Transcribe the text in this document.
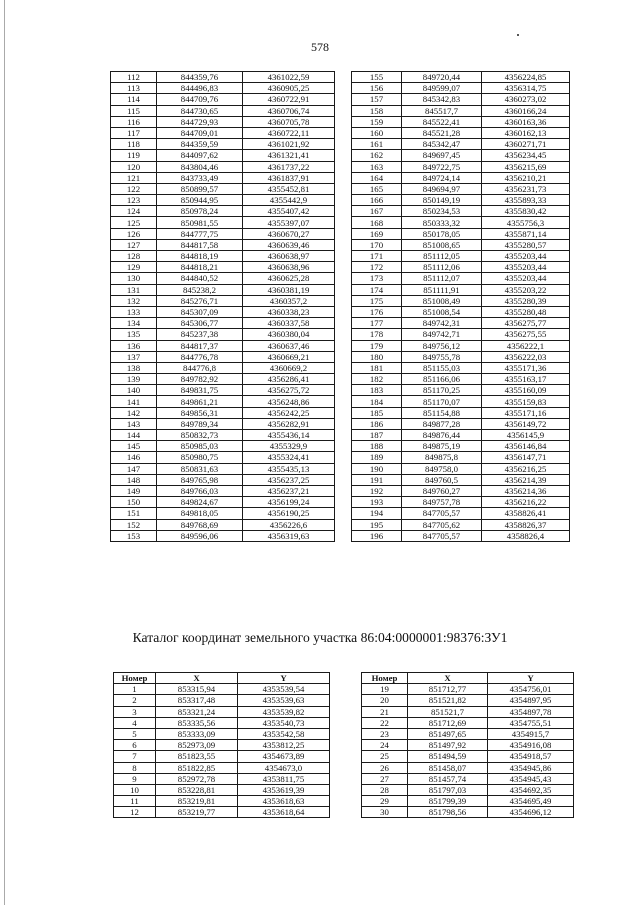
578
112	844359,76	4361022,59
113	844496,83	4360905,25
114	844709,76	4360722,91
115	844730,65	4360706,74
116	844729,93	4360705,78
117	844709,01	4360722,11
118	844359,59	4361021,92
119	844097,62	4361321,41
120	843804,46	4361737,22
121	843733,49	4361837,91
122	850899,57	4355452,81
123	850944,95	4355442,9
124	850978,24	4355407,42
125	850981,55	4355397,07
126	844777,75	4360670,27
127	844817,58	4360639,46
128	844818,19	4360638,97
129	844818,21	4360638,96
130	844840,52	4360625,28
131	845238,2	4360381,19
132	845276,71	4360357,2
133	845307,09	4360338,23
134	845306,77	4360337,58
135	845237,38	4360380,04
136	844817,37	4360637,46
137	844776,78	4360669,21
138	844776,8	4360669,2
139	849782,92	4356286,41
140	849831,75	4356275,72
141	849861,21	4356248,86
142	849856,31	4356242,25
143	849789,34	4356282,91
144	850832,73	4355436,14
145	850985,03	4355329,9
146	850980,75	4355324,41
147	850831,63	4355435,13
148	849765,98	4356237,25
149	849766,03	4356237,21
150	849824,67	4356199,24
151	849818,05	4356190,25
152	849768,69	4356226,6
153	849596,06	4356319,63
155	849720,44	4356224,85
156	849599,07	4356314,75
157	845342,83	4360273,02
158	845517,7	4360166,24
159	845522,41	4360163,36
160	845521,28	4360162,13
161	845342,47	4360271,71
162	849697,45	4356234,45
163	849722,75	4356215,69
164	849724,14	4356210,21
165	849694,97	4356231,73
166	850149,19	4355893,33
167	850234,53	4355830,42
168	850333,32	4355756,3
169	850178,05	4355871,14
170	851008,65	4355280,57
171	851112,05	4355203,44
172	851112,06	4355203,44
173	851112,07	4355203,44
174	851111,91	4355203,22
175	851008,49	4355280,39
176	851008,54	4355280,48
177	849742,31	4356275,77
178	849742,71	4356275,55
179	849756,12	4356222,1
180	849755,78	4356222,03
181	851155,03	4355171,36
182	851166,06	4355163,17
183	851170,25	4355160,09
184	851170,07	4355159,83
185	851154,88	4355171,16
186	849877,28	4356149,72
187	849876,44	4356145,9
188	849875,19	4356146,84
189	849875,8	4356147,71
190	849758,0	4356216,25
191	849760,5	4356214,39
192	849760,27	4356214,36
193	849757,78	4356216,22
194	847705,57	4358826,41
195	847705,62	4358826,37
196	847705,57	4358826,4
Каталог координат земельного участка 86:04:0000001:98376:ЗУ1
Номер	X	Y
1	853315,94	4353539,54
2	853317,48	4353539,63
3	853321,24	4353539,82
4	853335,56	4353540,73
5	853333,09	4353542,58
6	852973,09	4353812,25
7	851823,55	4354673,89
8	851822,85	4354673,0
9	852972,78	4353811,75
10	853228,81	4353619,39
11	853219,81	4353618,63
12	853219,77	4353618,64
Номер	X	Y
19	851712,77	4354756,01
20	851521,82	4354897,95
21	851521,7	4354897,78
22	851712,69	4354755,51
23	851497,65	4354915,7
24	851497,92	4354916,08
25	851494,59	4354918,57
26	851458,07	4354945,86
27	851457,74	4354945,43
28	851797,03	4354692,35
29	851799,39	4354695,49
30	851798,56	4354696,12
